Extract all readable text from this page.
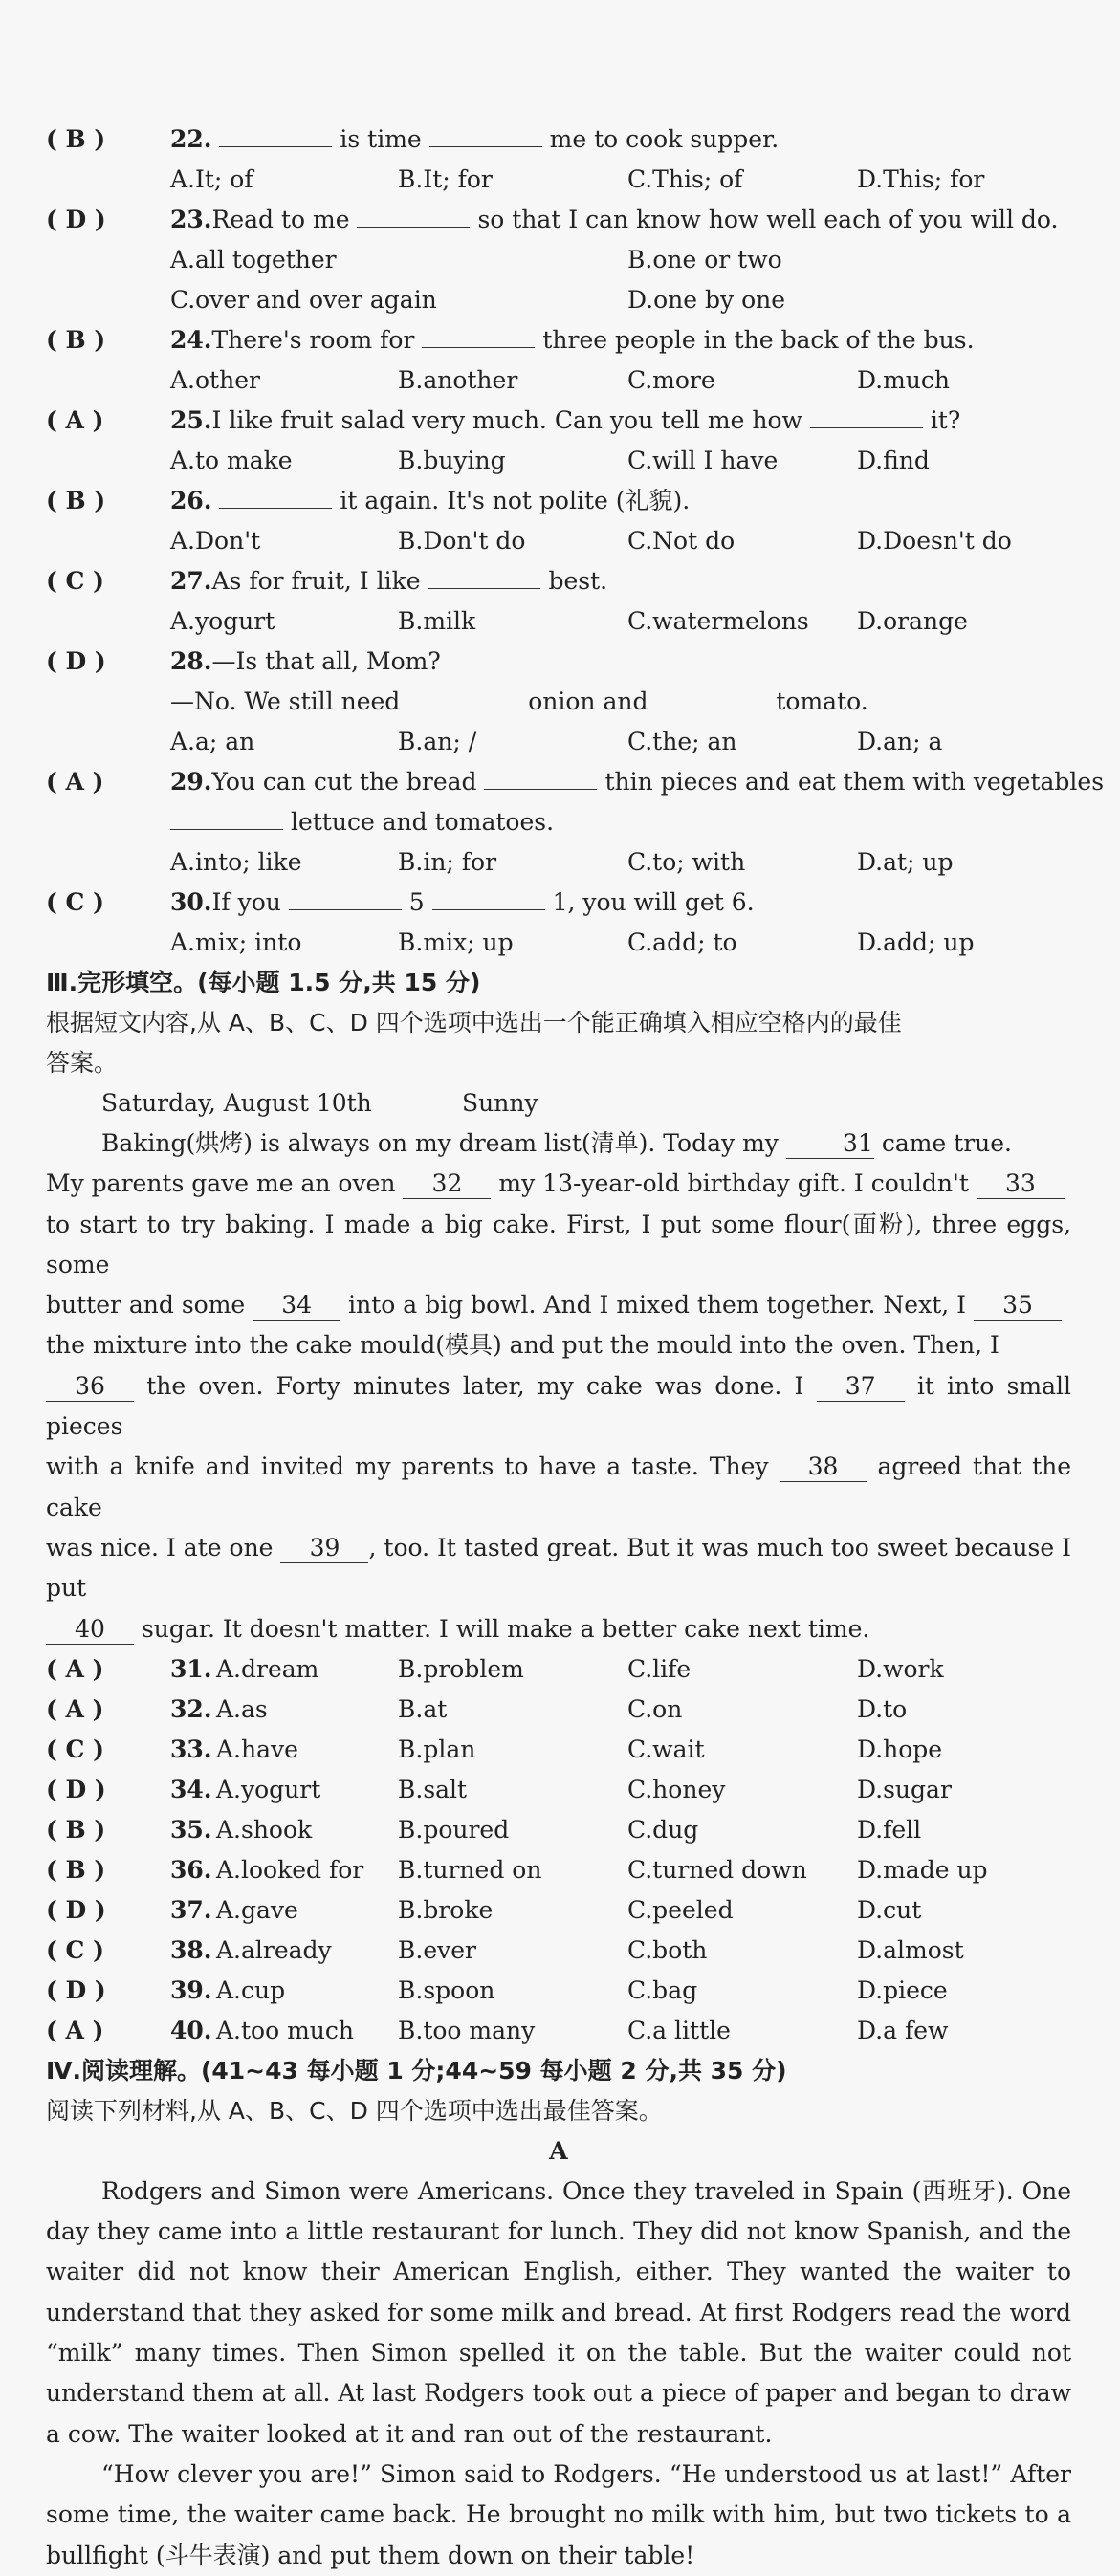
( B )	22.	is time	me to cook supper.
A.It; of	B.It; for	C.This; of	D.This; for
( D )	23.Read to me	so that I can know how well each of you will do.
A.all together	B.one or two
C.over and over again	D.one by one
( B )	24.There's room for	three people in the back of the bus.
A.other	B.another	C.more	D.much
( A )	25.I like fruit salad very much. Can you tell me how	it?
A.to make	B.buying	C.will I have	D.find
( B )	26.	it again. It's not polite (礼貌).
A.Don't	B.Don't do	C.Not do	D.Doesn't do
( C )	27.As for fruit, I like	best.
A.yogurt	B.milk	C.watermelons D.orange
( D )	28.—Is that all, Mom?
—No. We still need	onion and	tomato.
A.a; an	B.an; /	C.the; an	D.an; a
( A )	29.You can cut the bread	thin pieces and eat them with vegetables
lettuce and tomatoes.
A.into; like	B.in; for	C.to; with	D.at; up
( C )	30.If you	5	1, you will get 6.
A.mix; into	B.mix; up	C.add; to	D.add; up
Ⅲ.完形填空。(每小题 1.5 分,共 15 分)
根据短文内容,从 A、B、C、D 四个选项中选出一个能正确填入相应空格内的最佳
答案。
Saturday, August 10th	Sunny

Baking(烘烤) is always on my dream list(清单). Today my	31 came true.

My parents gave me an oven 32 my 13-year-old birthday gift. I couldn't 33

to start to try baking. I made a big cake. First, I put some flour(面粉), three eggs, some

butter and some 34 into a big bowl. And I mixed them together. Next, I 35

the mixture into the cake mould(模具) and put the mould into the oven. Then, I

36 the oven. Forty minutes later, my cake was done. I 37 it into small pieces

with a knife and invited my parents to have a taste. They 38 agreed that the cake

was nice. I ate one 39 , too. It tasted great. But it was much too sweet because I put

40 sugar. It doesn't matter. I will make a better cake next time.

( A )	31. A.dream	B.problem	C.life	D.work
( A )	32. A.as	B.at	C.on	D.to
( C )	33. A.have	B.plan	C.wait	D.hope
( D )	34. A.yogurt	B.salt	C.honey	D.sugar
( B )	35. A.shook	B.poured	C.dug	D.fell
( B )	36. A.looked for B.turned on	C.turned down D.made up
( D )	37. A.gave	B.broke	C.peeled	D.cut
( C )	38. A.already	B.ever	C.both	D.almost
( D )	39. A.cup	B.spoon	C.bag	D.piece
( A )	40. A.too much B.too many	C.a little	D.a few
Ⅳ.阅读理解。(41~43 每小题 1 分;44~59 每小题 2 分,共 35 分)
阅读下列材料,从 A、B、C、D 四个选项中选出最佳答案。
A

Rodgers and Simon were Americans. Once they traveled in Spain (西班牙). One day they came into a little restaurant for lunch. They did not know Spanish, and the waiter did not know their American English, either. They wanted the waiter to understand that they asked for some milk and bread. At first Rodgers read the word “milk” many times. Then Simon spelled it on the table. But the waiter could not understand them at all. At last Rodgers took out a piece of paper and began to draw a cow. The waiter looked at it and ran out of the restaurant.

“How clever you are!” Simon said to Rodgers. “He understood us at last!” After some time, the waiter came back. He brought no milk with him, but two tickets to a bullfight (斗牛表演) and put them down on their table!
